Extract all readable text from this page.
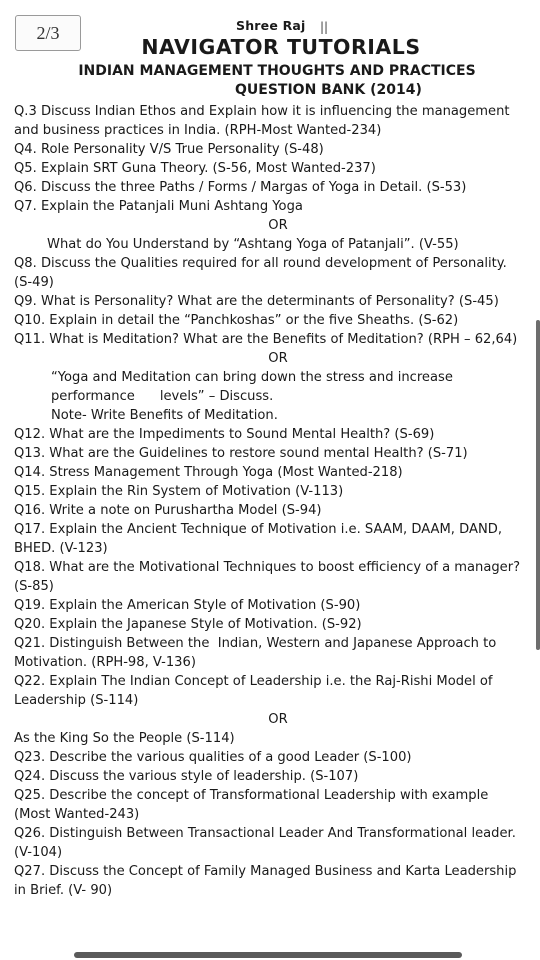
2/3	Shree Raj ||
NAVIGATOR TUTORIALS
INDIAN MANAGEMENT THOUGHTS AND PRACTICES
QUESTION BANK (2014)

Q.3 Discuss Indian Ethos and Explain how it is influencing the management and business practices in India. (RPH-Most Wanted-234)

Q4. Role Personality V/S True Personality (S-48)

Q5. Explain SRT Guna Theory. (S-56, Most Wanted-237)

Q6. Discuss the three Paths / Forms / Margas of Yoga in Detail. (S-53)

Q7. Explain the Patanjali Muni Ashtang Yoga

OR

What do You Understand by “Ashtang Yoga of Patanjali”. (V-55)

Q8. Discuss the Qualities required for all round development of Personality. (S-49)

Q9. What is Personality? What are the determinants of Personality? (S-45)

Q10. Explain in detail the “Panchkoshas” or the five Sheaths. (S-62)

Q11. What is Meditation? What are the Benefits of Meditation? (RPH – 62,64)

OR

“Yoga and Meditation can bring down the stress and increase performance      levels” – Discuss.

Note- Write Benefits of Meditation.

Q12. What are the Impediments to Sound Mental Health? (S-69)

Q13. What are the Guidelines to restore sound mental Health? (S-71)

Q14. Stress Management Through Yoga (Most Wanted-218)

Q15. Explain the Rin System of Motivation (V-113)

Q16. Write a note on Purushartha Model (S-94)

Q17. Explain the Ancient Technique of Motivation i.e. SAAM, DAAM, DAND, BHED. (V-123)

Q18. What are the Motivational Techniques to boost efficiency of a manager? (S-85)

Q19. Explain the American Style of Motivation (S-90)

Q20. Explain the Japanese Style of Motivation. (S-92)

Q21. Distinguish Between the  Indian, Western and Japanese Approach to Motivation. (RPH-98, V-136)

Q22. Explain The Indian Concept of Leadership i.e. the Raj-Rishi Model of Leadership (S-114)

OR

As the King So the People (S-114)

Q23. Describe the various qualities of a good Leader (S-100)

Q24. Discuss the various style of leadership. (S-107)

Q25. Describe the concept of Transformational Leadership with example (Most Wanted-243)

Q26. Distinguish Between Transactional Leader And Transformational leader.(V-104)

Q27. Discuss the Concept of Family Managed Business and Karta Leadership in Brief. (V- 90)
